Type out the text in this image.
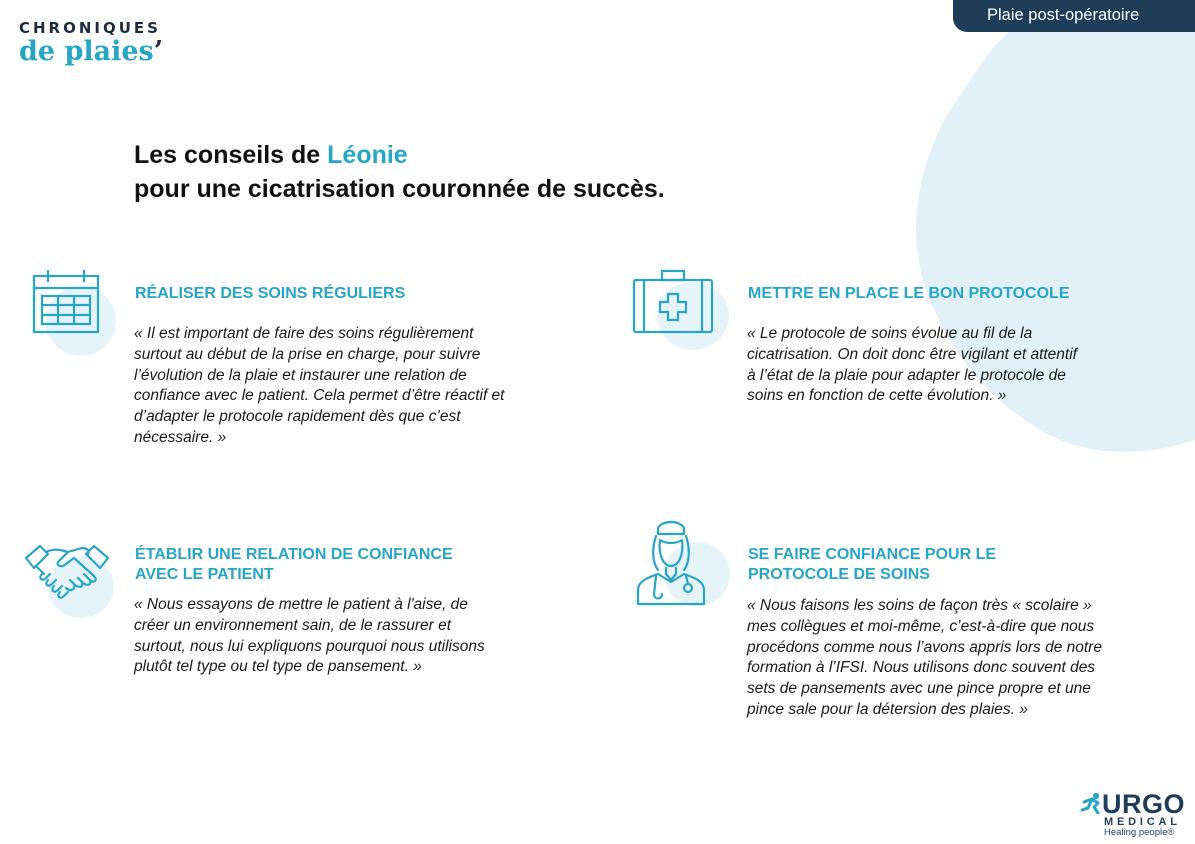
CHRONIQUES
de plaies’
Plaie post-opératoire
Les conseils de Léonie
pour une cicatrisation couronnée de succès.
RÉALISER DES SOINS RÉGULIERS

« Il est important de faire des soins régulièrement surtout au début de la prise en charge, pour suivre l’évolution de la plaie et instaurer une relation de confiance avec le patient. Cela permet d’être réactif et d’adapter le protocole rapidement dès que c’est nécessaire. »

METTRE EN PLACE LE BON PROTOCOLE

« Le protocole de soins évolue au fil de la cicatrisation. On doit donc être vigilant et attentif à l’état de la plaie pour adapter le protocole de soins en fonction de cette évolution. »

ÉTABLIR UNE RELATION DE CONFIANCE AVEC LE PATIENT

« Nous essayons de mettre le patient à l'aise, de créer un environnement sain, de le rassurer et surtout, nous lui expliquons pourquoi nous utilisons plutôt tel type ou tel type de pansement. »

SE FAIRE CONFIANCE POUR LE PROTOCOLE DE SOINS

« Nous faisons les soins de façon très « scolaire » mes collègues et moi-même, c’est-à-dire que nous procédons comme nous l’avons appris lors de notre formation à l’IFSI. Nous utilisons donc souvent des sets de pansements avec une pince propre et une pince sale pour la détersion des plaies. »

URGO
MEDICAL
Healing people®
